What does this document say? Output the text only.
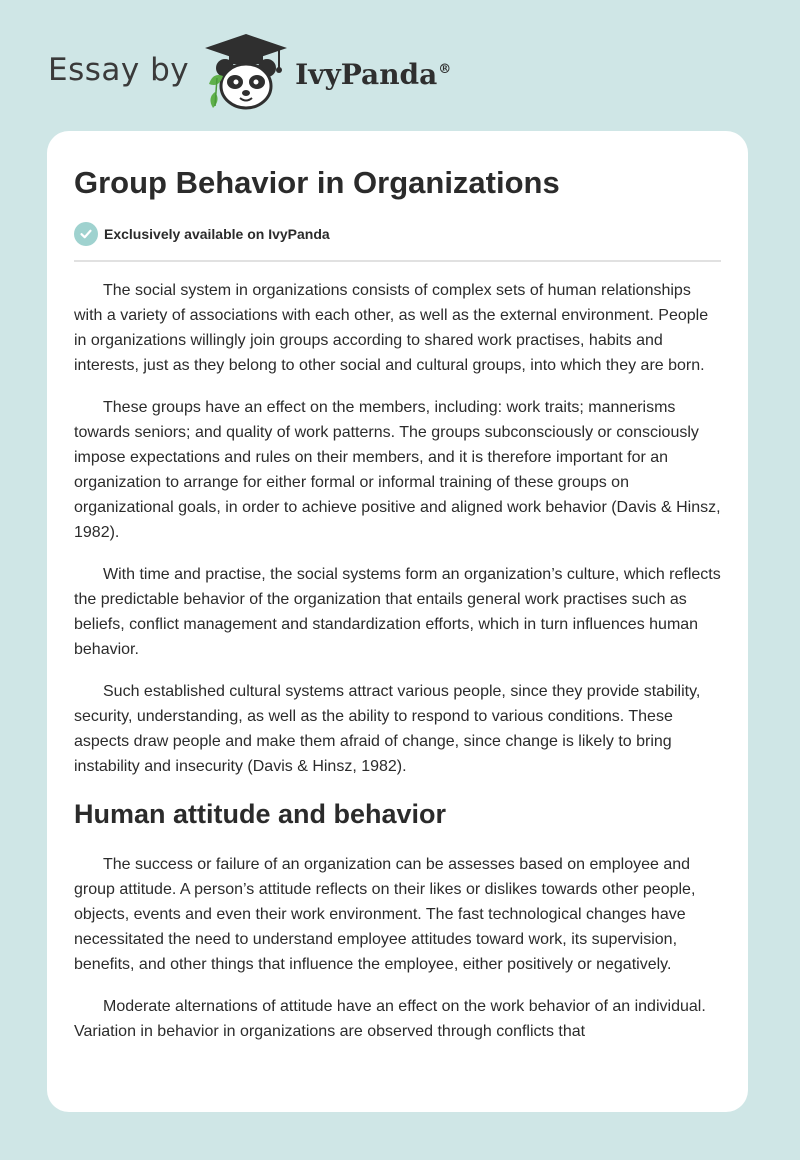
Essay by	IvyPanda®
Group Behavior in Organizations
Exclusively available on IvyPanda

The social system in organizations consists of complex sets of human relationships with a variety of associations with each other, as well as the external environment. People in organizations willingly join groups according to shared work practises, habits and interests, just as they belong to other social and cultural groups, into which they are born.

These groups have an effect on the members, including: work traits; mannerisms towards seniors; and quality of work patterns. The groups subconsciously or consciously impose expectations and rules on their members, and it is therefore important for an organization to arrange for either formal or informal training of these groups on organizational goals, in order to achieve positive and aligned work behavior (Davis & Hinsz, 1982).

With time and practise, the social systems form an organization’s culture, which reflects the predictable behavior of the organization that entails general work practises such as beliefs, conflict management and standardization efforts, which in turn influences human behavior.

Such established cultural systems attract various people, since they provide stability, security, understanding, as well as the ability to respond to various conditions. These aspects draw people and make them afraid of change, since change is likely to bring instability and insecurity (Davis & Hinsz, 1982).

Human attitude and behavior

The success or failure of an organization can be assesses based on employee and group attitude. A person’s attitude reflects on their likes or dislikes towards other people, objects, events and even their work environment. The fast technological changes have necessitated the need to understand employee attitudes toward work, its supervision, benefits, and other things that influence the employee, either positively or negatively.

Moderate alternations of attitude have an effect on the work behavior of an individual. Variation in behavior in organizations are observed through conflicts that
